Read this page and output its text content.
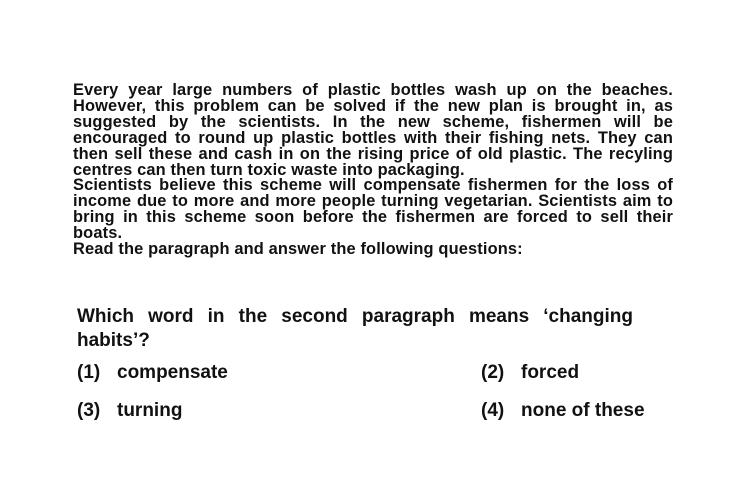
Every year large numbers of plastic bottles wash up on the beaches. However, this problem can be solved if the new plan is brought in, as suggested by the scientists. In the new scheme, fishermen will be encouraged to round up plastic bottles with their fishing nets. They can then sell these and cash in on the rising price of old plastic. The recyling centres can then turn toxic waste into packaging.

Scientists believe this scheme will compensate fishermen for the loss of income due to more and more people turning vegetarian. Scientists aim to bring in this scheme soon before the fishermen are forced to sell their boats.

Read the paragraph and answer the following questions:

Which word in the second paragraph means ‘changing habits’?
(1) compensate	(2) forced
(3) turning	(4) none of these
